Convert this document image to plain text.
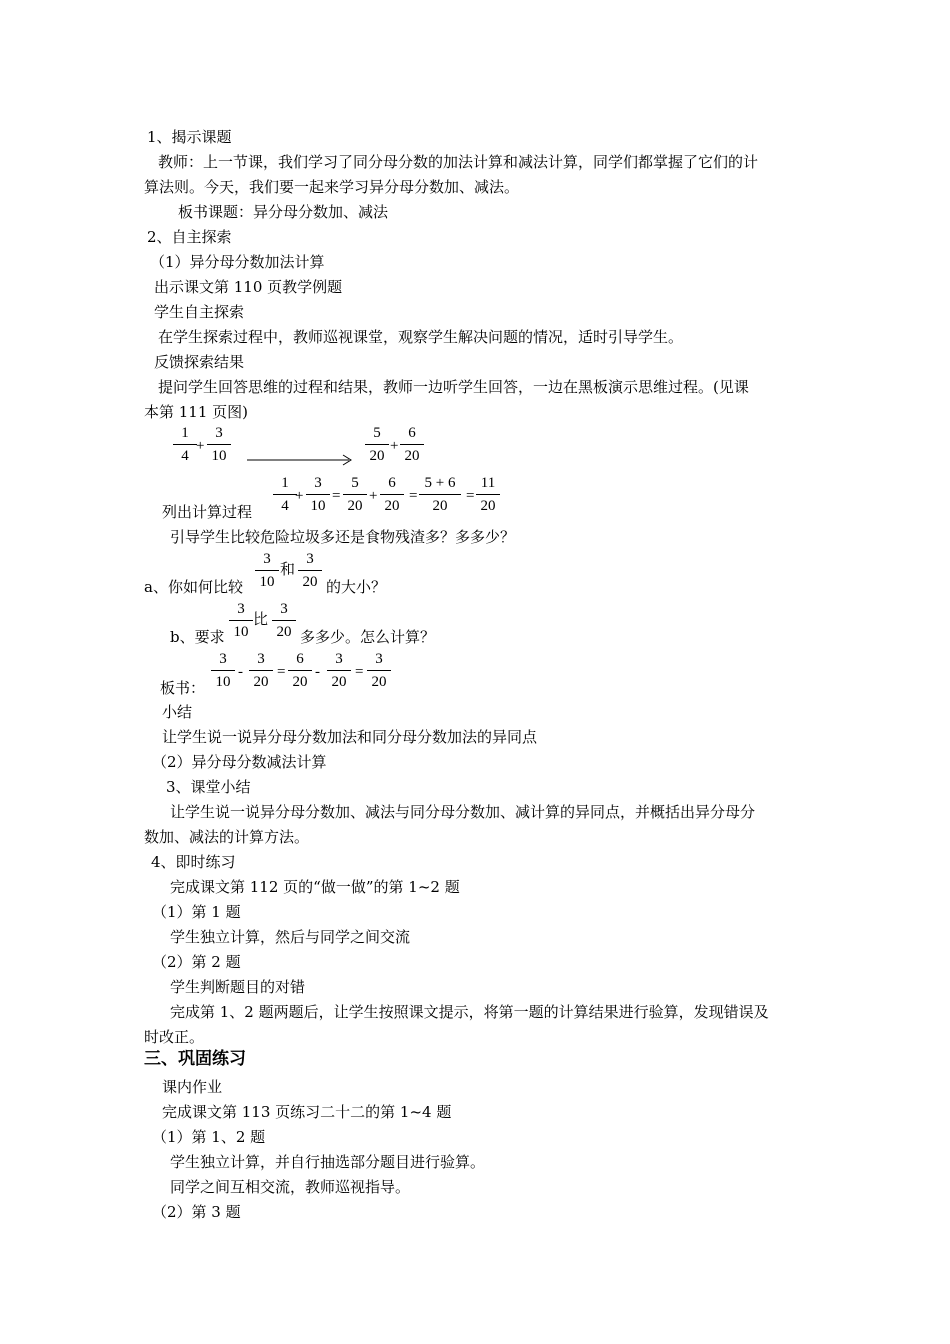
1、揭示课题
教师：上一节课，我们学习了同分母分数的加法计算和减法计算，同学们都掌握了它们的计
算法则。今天，我们要一起来学习异分母分数加、减法。
板书课题：异分母分数加、减法
2、自主探索
（1）异分母分数加法计算
出示课文第 110 页教学例题
学生自主探索
在学生探索过程中，教师巡视课堂，观察学生解决问题的情况，适时引导学生。
反馈探索结果
提问学生回答思维的过程和结果，教师一边听学生回答，一边在黑板演示思维过程。(见课
本第 111 页图)
1
4
+
3
10
5
20
+
6
20
1
4
+
3
10
=
5
20
+
6
20
=
5 + 6
20
=
11
20
列出计算过程
引导学生比较危险垃圾多还是食物残渣多？多多少？
a、你如何比较
3
10
和
3
20 的大小？
b、要求
3
10
比
3
20 多多少。怎么计算？
板书：
3
10
-
3
20
=
6
20
-
3
20
=
3
20
小结
让学生说一说异分母分数加法和同分母分数加法的异同点
（2）异分母分数减法计算
3、课堂小结
让学生说一说异分母分数加、减法与同分母分数加、减计算的异同点，并概括出异分母分
数加、减法的计算方法。
4、即时练习
完成课文第 112 页的“做一做”的第 1~2 题
（1）第 1 题
学生独立计算，然后与同学之间交流
（2）第 2 题
学生判断题目的对错
完成第 1、2 题两题后，让学生按照课文提示，将第一题的计算结果进行验算，发现错误及
时改正。
三、巩固练习
课内作业
完成课文第 113 页练习二十二的第 1~4 题
（1）第 1、2 题
学生独立计算，并自行抽选部分题目进行验算。
同学之间互相交流，教师巡视指导。
（2）第 3 题
